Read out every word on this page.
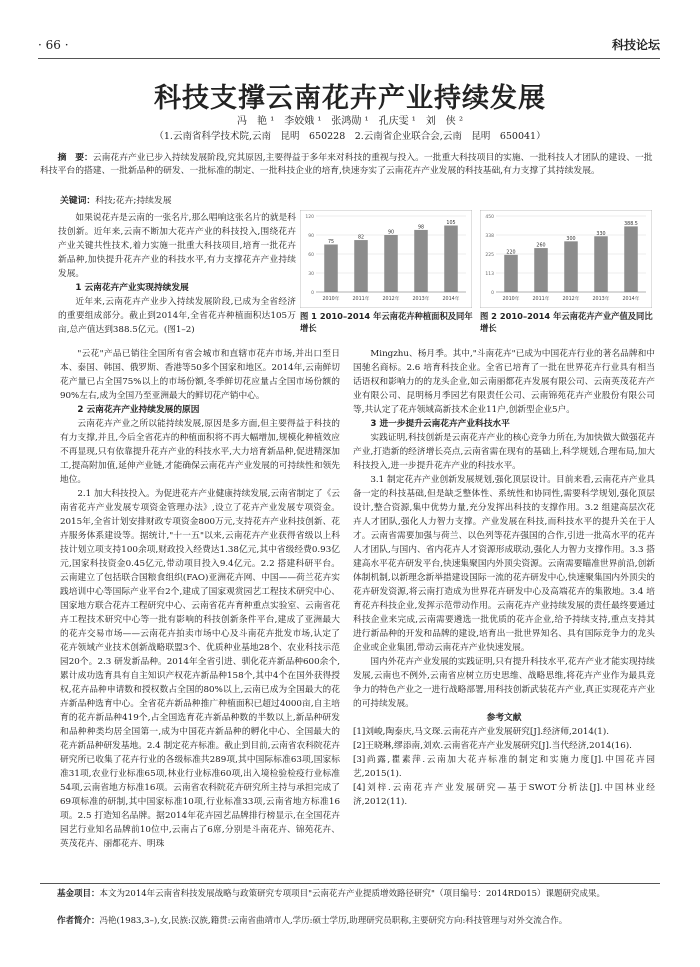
· 66 ·	科技论坛
科技支撑云南花卉产业持续发展
冯　艳 ¹　李姣娥 ¹　张鸿勋 ¹　孔庆雯 ¹　刘　侠 ²
（1.云南省科学技术院,云南　昆明　650228　2.云南省企业联合会,云南　昆明　650041）
摘　要：云南花卉产业已步入持续发展阶段,究其原因,主要得益于多年来对科技的重视与投入。一批重大科技项目的实施、一批科技人才团队的建设、一批科技平台的搭建、一批新品种的研发、一批标准的制定、一批科技企业的培育,快速夯实了云南花卉产业发展的科技基础,有力支撑了其持续发展。
关键词：科技;花卉;持续发展

如果说花卉是云南的一张名片,那么唱响这张名片的就是科技创新。近年来,云南不断加大花卉产业的科技投入,围绕花卉产业关键共性技术,着力实施一批重大科技项目,培育一批花卉新品种,加快提升花卉产业的科技水平,有力支撑花卉产业持续发展。

1 云南花卉产业实现持续发展

近年来,云南花卉产业步入持续发展阶段,已成为全省经济的重要组成部分。截止到2014年,全省花卉种植面积达105万亩,总产值达到388.5亿元。(图1–2)

0
30
60
90
120
75
2010年
82
2011年
90
2012年
98
2013年
105
2014年
0
113
225
338
450
220
2010年
260
2011年
300
2012年
330
2013年
388.5
2014年
图 1 2010–2014 年云南花卉种植面积及同年增长
图 2 2010–2014 年云南花卉产业产值及同比增长

"云花"产品已销往全国所有省会城市和直辖市花卉市场,并出口至日本、泰国、韩国、俄罗斯、香港等50多个国家和地区。2014年,云南鲜切花产量已占全国75%以上的市场份额,冬季鲜切花应量占全国市场份额的90%左右,成为全国乃至亚洲最大的鲜切花产销中心。

2 云南花卉产业持续发展的原因

云南花卉产业之所以能持续发展,原因是多方面,但主要得益于科技的有力支撑,并且,今后全省花卉的种植面积将不再大幅增加,规模化种植效应不再显现,只有依靠提升花卉产业的科技水平,大力培育新品种,促进精深加工,提高附加值,延伸产业链,才能确保云南花卉产业发展的可持续性和领先地位。

2.1 加大科技投入。为促进花卉产业健康持续发展,云南省制定了《云南省花卉产业发展专项资金管理办法》,设立了花卉产业发展专项资金。2015年,全省计划安排财政专项资金800万元,支持花卉产业科技创新、花卉服务体系建设等。据统计,"十一五"以来,云南花卉产业获得省级以上科技计划立项支持100余项,财政投入经费达1.38亿元,其中省级经费0.93亿元,国家科技资金0.45亿元,带动项目投入9.4亿元。2.2 搭建科研平台。云南建立了包括联合国粮食组织(FAO)亚洲花卉网、中国——荷兰花卉实践培训中心等国际产业平台2个,建成了国家观赏园艺工程技术研究中心、国家地方联合花卉工程研究中心、云南省花卉育种重点实验室、云南省花卉工程技术研究中心等一批有影响的科技创新条件平台,建成了亚洲最大的花卉交易市场——云南花卉拍卖市场中心及斗南花卉批发市场,认定了花卉领域产业技术创新战略联盟3个、优质种业基地28个、农业科技示范园20个。2.3 研发新品种。2014年全省引进、驯化花卉新品种600余个,累计成功选育具有自主知识产权花卉新品种158个,其中4个在国外获得授权,花卉品种申请数和授权数占全国的80%以上,云南已成为全国最大的花卉新品种选育中心。全省花卉新品种推广种植面积已超过4000亩,自主培育的花卉新品种419个,占全国选育花卉新品种数的半数以上,新品种研发和品种种类均居全国第一,成为中国花卉新品种的孵化中心、全国最大的花卉新品种研发基地。2.4 制定花卉标准。截止到目前,云南省农科院花卉研究所已收集了花卉行业的各级标准共289项,其中国际标准63项,国家标准31项,农业行业标准65项,林业行业标准60项,出入境检验检疫行业标准54项,云南省地方标准16项。云南省农科院花卉研究所主持与承担完成了69项标准的研制,其中国家标准10项,行业标准33项,云南省地方标准16项。2.5 打造知名品牌。据2014年花卉园艺品牌排行榜显示,在全国花卉园艺行业知名品牌前10位中,云南占了6席,分别是斗南花卉、锦苑花卉、英茂花卉、丽都花卉、明珠

Mingzhu、杨月季。其中,"斗南花卉"已成为中国花卉行业的著名品牌和中国驰名商标。2.6 培育科技企业。全省已培育了一批在世界花卉行业具有相当话语权和影响力的的龙头企业,如云南丽都花卉发展有限公司、云南英茂花卉产业有限公司、昆明杨月季园艺有限责任公司、云南锦苑花卉产业股份有限公司等,共认定了花卉领域高新技术企业11户,创新型企业5户。

3 进一步提升云南花卉产业科技水平

实践证明,科技创新是云南花卉产业的核心竞争力所在,为加快做大做强花卉产业,打造新的经济增长亮点,云南省需在现有的基础上,科学规划,合理布局,加大科技投入,进一步提升花卉产业的科技水平。

3.1 制定花卉产业创新发展规划,强化顶层设计。目前来看,云南花卉产业具备一定的科技基础,但是缺乏整体性、系统性和协同性,需要科学规划,强化顶层设计,整合资源,集中优势力量,充分发挥出科技的支撑作用。3.2 组建高层次花卉人才团队,强化人力智力支撑。产业发展在科技,而科技水平的提升关在于人才。云南省需要加强与荷兰、以色列等花卉强国的合作,引进一批高水平的花卉人才团队,与国内、省内花卉人才资源形成联动,强化人力智力支撑作用。3.3 搭建高水平花卉研发平台,快速集聚国内外顶尖资源。云南需要瞄准世界前沿,创新体制机制,以新理念新举措建设国际一流的花卉研发中心,快速聚集国内外顶尖的花卉研发资源,将云南打造成为世界花卉研发中心及高端花卉的集散地。3.4 培育花卉科技企业,发挥示范带动作用。云南花卉产业持续发展的责任最终要通过科技企业来完成,云南需要遴选一批优质的花卉企业,给予持续支持,重点支持其进行新品种的开发和品牌的建设,培育出一批世界知名、具有国际竞争力的龙头企业或企业集团,带动云南花卉产业快速发展。

国内外花卉产业发展的实践证明,只有提升科技水平,花卉产业才能实现持续发展,云南也不例外,云南省应树立历史思维、战略思维,将花卉产业作为最具竞争力的特色产业之一进行战略部署,用科技创新武装花卉产业,真正实现花卉产业的可持续发展。

参考文献

[1]刘峻,陶泰庆,马文琛.云南花卉产业发展研究[J].经济师,2014(1).

[2]王晓琳,缪添南,刘欢.云南省花卉产业发展研究[J].当代经济,2014(16).

[3]尚露,瞿素萍.云南加大花卉标准的制定和实施力度[J].中国花卉园艺,2015(1).

[4]刘梓.云南花卉产业发展研究—基于SWOT分析法[J].中国林业经济,2012(11).

基金项目：本文为2014年云南省科技发展战略与政策研究专项项目"云南花卉产业提质增效路径研究"（项目编号：2014RD015）课题研究成果。
作者简介：冯艳(1983,3–),女,民族:汉族,籍贯:云南省曲靖市人,学历:硕士学历,助理研究员职称,主要研究方向:科技管理与对外交流合作。
